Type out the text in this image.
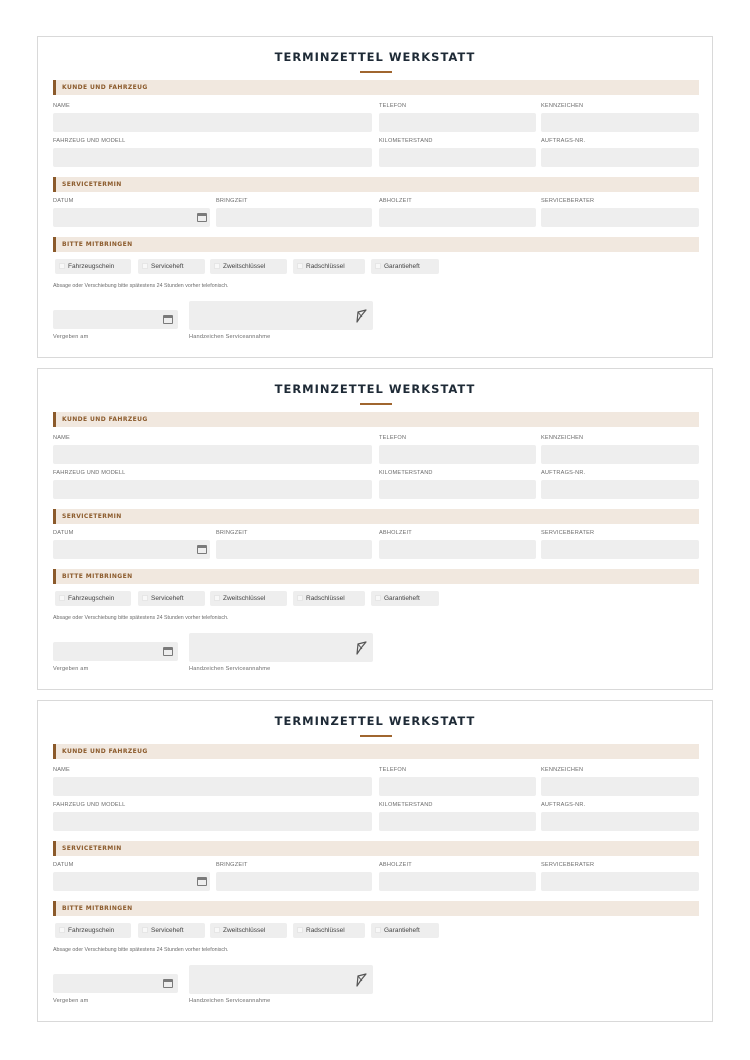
TERMINZETTEL WERKSTATT
KUNDE UND FAHRZEUG
NAME	TELEFON	KENNZEICHEN
FAHRZEUG UND MODELL	KILOMETERSTAND	AUFTRAGS-NR.
SERVICETERMIN
DATUM	BRINGZEIT	ABHOLZEIT	SERVICEBERATER
BITTE MITBRINGEN
Fahrzeugschein	Serviceheft	Zweitschlüssel	Radschlüssel	Garantieheft
Absage oder Verschiebung bitte spätestens 24 Stunden vorher telefonisch.
Vergeben am	Handzeichen Serviceannahme
TERMINZETTEL WERKSTATT
KUNDE UND FAHRZEUG
NAME	TELEFON	KENNZEICHEN
FAHRZEUG UND MODELL	KILOMETERSTAND	AUFTRAGS-NR.
SERVICETERMIN
DATUM	BRINGZEIT	ABHOLZEIT	SERVICEBERATER
BITTE MITBRINGEN
Fahrzeugschein	Serviceheft	Zweitschlüssel	Radschlüssel	Garantieheft
Absage oder Verschiebung bitte spätestens 24 Stunden vorher telefonisch.
Vergeben am	Handzeichen Serviceannahme
TERMINZETTEL WERKSTATT
KUNDE UND FAHRZEUG
NAME	TELEFON	KENNZEICHEN
FAHRZEUG UND MODELL	KILOMETERSTAND	AUFTRAGS-NR.
SERVICETERMIN
DATUM	BRINGZEIT	ABHOLZEIT	SERVICEBERATER
BITTE MITBRINGEN
Fahrzeugschein	Serviceheft	Zweitschlüssel	Radschlüssel	Garantieheft
Absage oder Verschiebung bitte spätestens 24 Stunden vorher telefonisch.
Vergeben am	Handzeichen Serviceannahme
